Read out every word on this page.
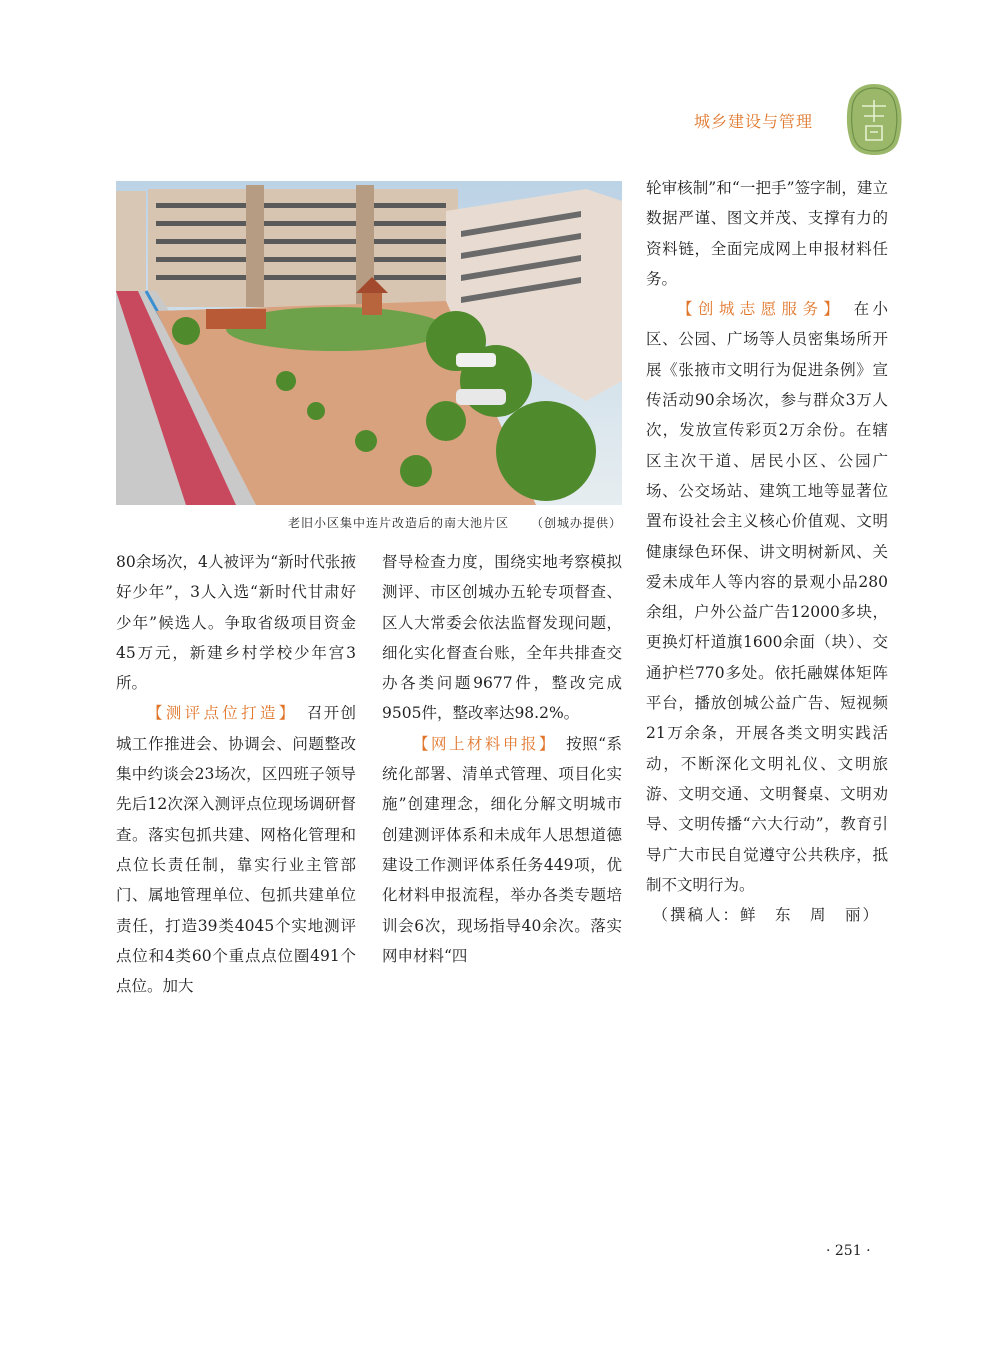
城乡建设与管理
老旧小区集中连片改造后的南大池片区 （创城办提供）

80余场次，4人被评为“新时代张掖好少年”，3人入选“新时代甘肃好少年”候选人。争取省级项目资金45万元，新建乡村学校少年宫3所。

【测评点位打造】 召开创城工作推进会、协调会、问题整改集中约谈会23场次，区四班子领导先后12次深入测评点位现场调研督查。落实包抓共建、网格化管理和点位长责任制，靠实行业主管部门、属地管理单位、包抓共建单位责任，打造39类4045个实地测评点位和4类60个重点点位圈491个点位。加大

督导检查力度，围绕实地考察模拟测评、市区创城办五轮专项督查、区人大常委会依法监督发现问题，细化实化督查台账，全年共排查交办各类问题9677件，整改完成9505件，整改率达98.2%。

【网上材料申报】 按照“系统化部署、清单式管理、项目化实施”创建理念，细化分解文明城市创建测评体系和未成年人思想道德建设工作测评体系任务449项，优化材料申报流程，举办各类专题培训会6次，现场指导40余次。落实网申材料“四

轮审核制”和“一把手”签字制，建立数据严谨、图文并茂、支撑有力的资料链，全面完成网上申报材料任务。

【创城志愿服务】 在小区、公园、广场等人员密集场所开展《张掖市文明行为促进条例》宣传活动90余场次，参与群众3万人次，发放宣传彩页2万余份。在辖区主次干道、居民小区、公园广场、公交场站、建筑工地等显著位置布设社会主义核心价值观、文明健康绿色环保、讲文明树新风、关爱未成年人等内容的景观小品280余组，户外公益广告12000多块，更换灯杆道旗1600余面（块）、交通护栏770多处。依托融媒体矩阵平台，播放创城公益广告、短视频21万余条，开展各类文明实践活动，不断深化文明礼仪、文明旅游、文明交通、文明餐桌、文明劝导、文明传播“六大行动”，教育引导广大市民自觉遵守公共秩序，抵制不文明行为。

（撰稿人：鲜　东　周　丽）

· 251 ·
